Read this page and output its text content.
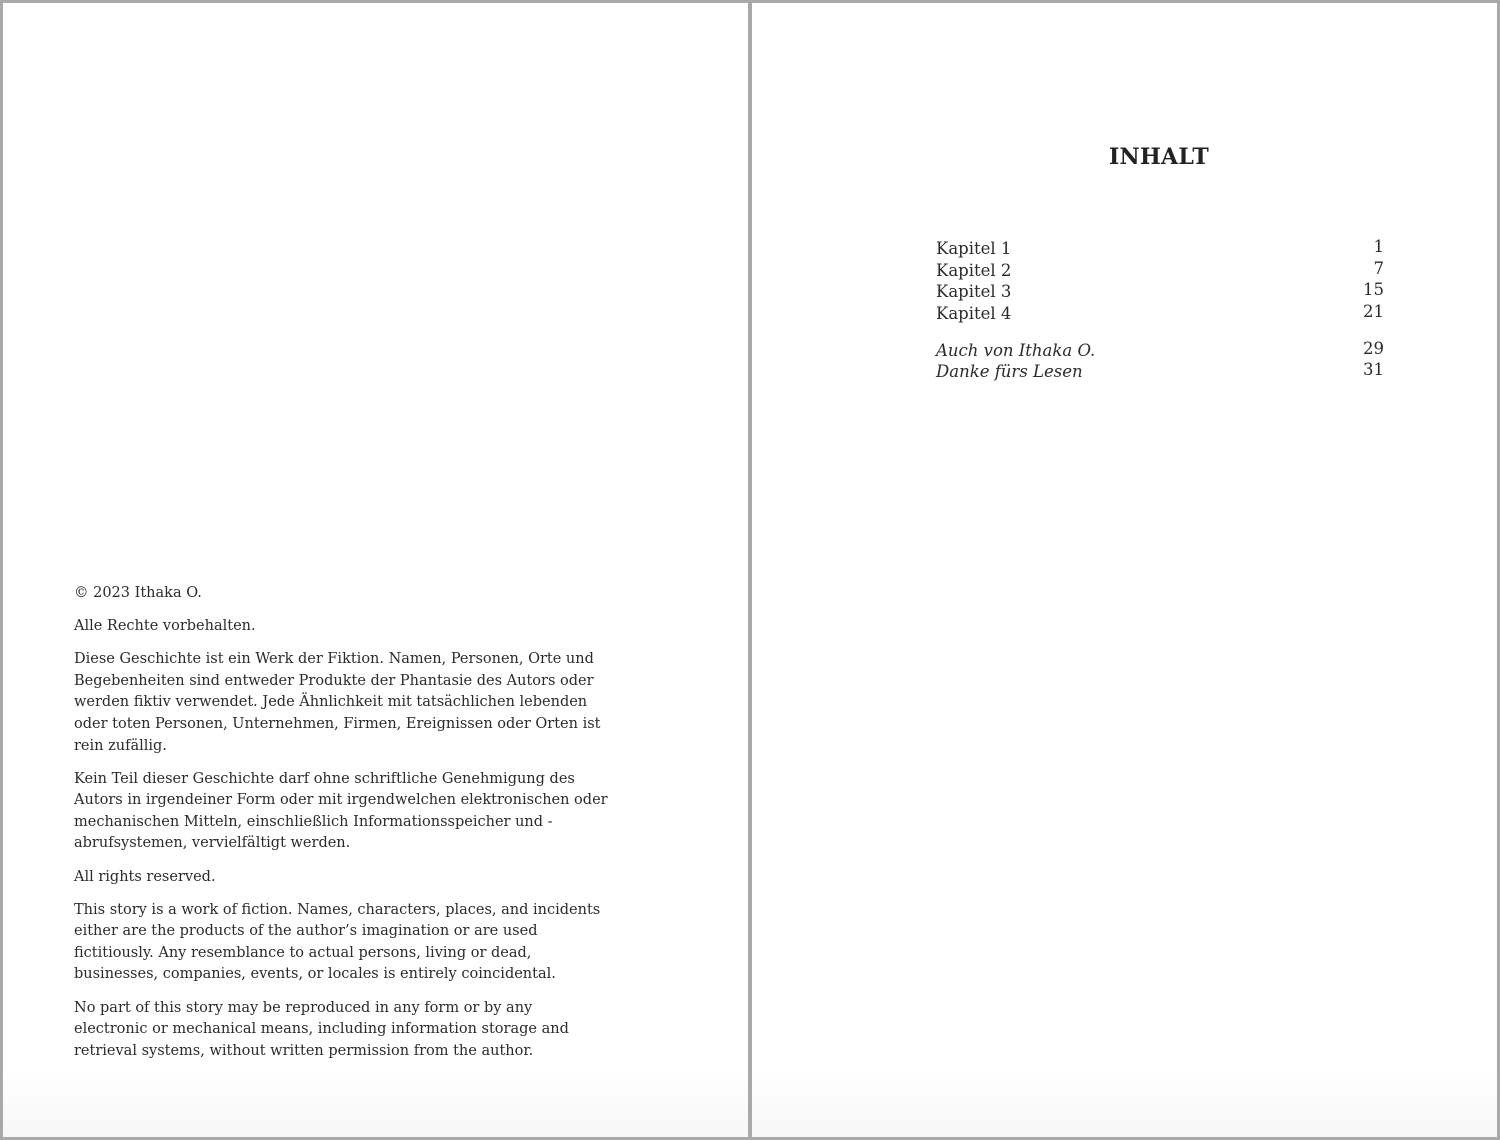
© 2023 Ithaka O.

Alle Rechte vorbehalten.

Diese Geschichte ist ein Werk der Fiktion. Namen, Personen, Orte und Begebenheiten sind entweder Produkte der Phantasie des Autors oder werden fiktiv verwendet. Jede Ähnlichkeit mit tatsächlichen lebenden oder toten Personen, Unternehmen, Firmen, Ereignissen oder Orten ist rein zufällig.

Kein Teil dieser Geschichte darf ohne schriftliche Genehmigung des Autors in irgendeiner Form oder mit irgendwelchen elektronischen oder mechanischen Mitteln, einschließlich Informationsspeicher und -abrufsystemen, vervielfältigt werden.

All rights reserved.

This story is a work of fiction. Names, characters, places, and incidents either are the products of the author’s imagination or are used fictitiously. Any resemblance to actual persons, living or dead, businesses, companies, events, or locales is entirely coincidental.

No part of this story may be reproduced in any form or by any electronic or mechanical means, including information storage and retrieval systems, without written permission from the author.

INHALT
Kapitel 1	1
Kapitel 2	7
Kapitel 3	15
Kapitel 4	21
Auch von Ithaka O.	29
Danke fürs Lesen	31
